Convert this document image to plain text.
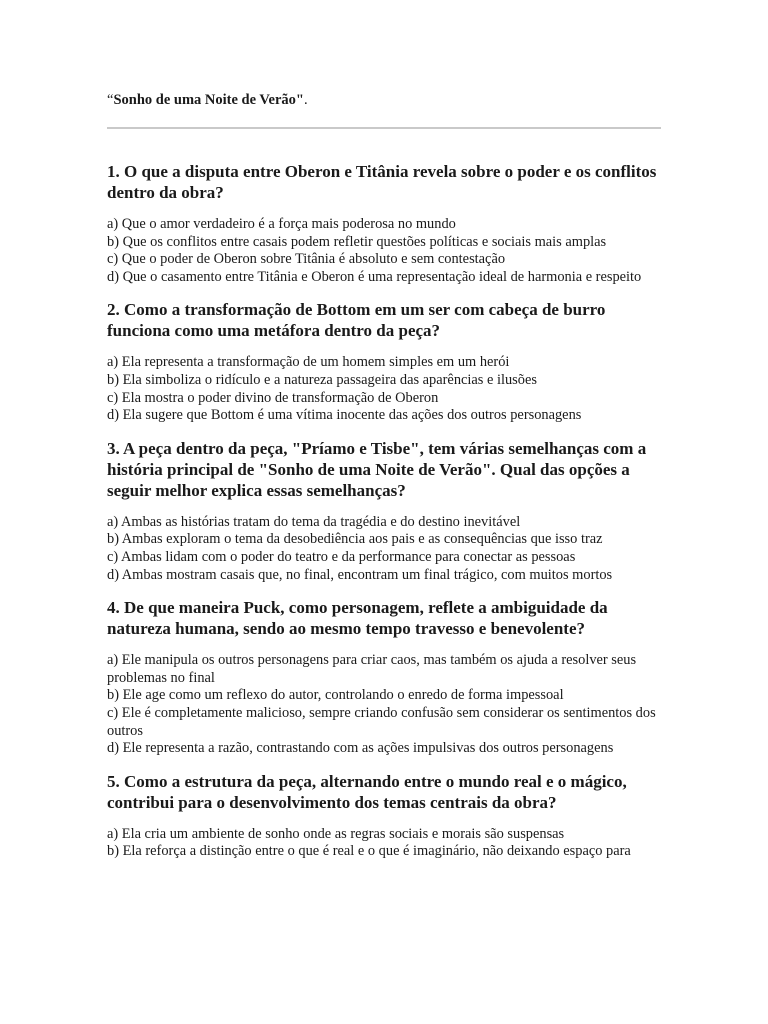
“Sonho de uma Noite de Verão".
1. O que a disputa entre Oberon e Titânia revela sobre o poder e os conflitos dentro da obra?
a) Que o amor verdadeiro é a força mais poderosa no mundo
b) Que os conflitos entre casais podem refletir questões políticas e sociais mais amplas
c) Que o poder de Oberon sobre Titânia é absoluto e sem contestação
d) Que o casamento entre Titânia e Oberon é uma representação ideal de harmonia e respeito
2. Como a transformação de Bottom em um ser com cabeça de burro funciona como uma metáfora dentro da peça?
a) Ela representa a transformação de um homem simples em um herói
b) Ela simboliza o ridículo e a natureza passageira das aparências e ilusões
c) Ela mostra o poder divino de transformação de Oberon
d) Ela sugere que Bottom é uma vítima inocente das ações dos outros personagens
3. A peça dentro da peça, "Príamo e Tisbe", tem várias semelhanças com a história principal de "Sonho de uma Noite de Verão". Qual das opções a seguir melhor explica essas semelhanças?
a) Ambas as histórias tratam do tema da tragédia e do destino inevitável
b) Ambas exploram o tema da desobediência aos pais e as consequências que isso traz
c) Ambas lidam com o poder do teatro e da performance para conectar as pessoas
d) Ambas mostram casais que, no final, encontram um final trágico, com muitos mortos
4. De que maneira Puck, como personagem, reflete a ambiguidade da natureza humana, sendo ao mesmo tempo travesso e benevolente?
a) Ele manipula os outros personagens para criar caos, mas também os ajuda a resolver seus problemas no final
b) Ele age como um reflexo do autor, controlando o enredo de forma impessoal
c) Ele é completamente malicioso, sempre criando confusão sem considerar os sentimentos dos outros
d) Ele representa a razão, contrastando com as ações impulsivas dos outros personagens
5. Como a estrutura da peça, alternando entre o mundo real e o mágico, contribui para o desenvolvimento dos temas centrais da obra?
a) Ela cria um ambiente de sonho onde as regras sociais e morais são suspensas
b) Ela reforça a distinção entre o que é real e o que é imaginário, não deixando espaço para
